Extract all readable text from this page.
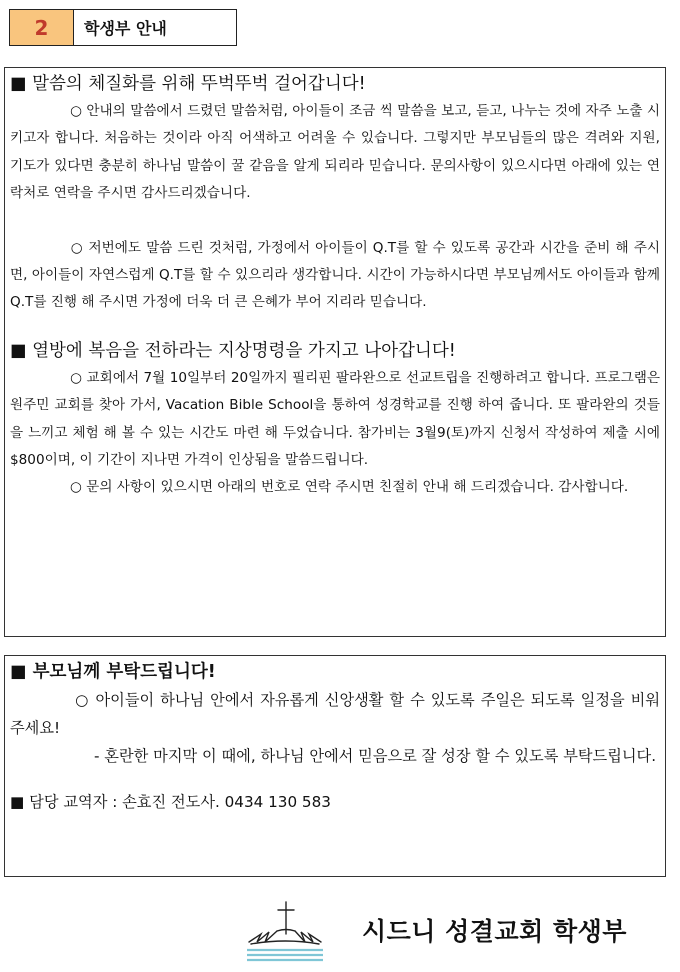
2	학생부 안내

■ 말씀의 체질화를 위해 뚜벅뚜벅 걸어갑니다!

○ 안내의 말씀에서 드렸던 말씀처럼, 아이들이 조금 씩 말씀을 보고, 듣고, 나누는 것에 자주 노출 시키고자 합니다. 처음하는 것이라 아직 어색하고 어려울 수 있습니다. 그렇지만 부모님들의 많은 격려와 지원, 기도가 있다면 충분히 하나님 말씀이 꿀 같음을 알게 되리라 믿습니다. 문의사항이 있으시다면 아래에 있는 연락처로 연락을 주시면 감사드리겠습니다.

○ 저번에도 말씀 드린 것처럼, 가정에서 아이들이 Q.T를 할 수 있도록 공간과 시간을 준비 해 주시면, 아이들이 자연스럽게 Q.T를 할 수 있으리라 생각합니다. 시간이 가능하시다면 부모님께서도 아이들과 함께 Q.T를 진행 해 주시면 가정에 더욱 더 큰 은혜가 부어 지리라 믿습니다.

■ 열방에 복음을 전하라는 지상명령을 가지고 나아갑니다!

○ 교회에서 7월 10일부터 20일까지 필리핀 팔라완으로 선교트립을 진행하려고 합니다. 프로그램은 원주민 교회를 찾아 가서, Vacation Bible School을 통하여 성경학교를 진행 하여 줍니다. 또 팔라완의 것들을 느끼고 체험 해 볼 수 있는 시간도 마련 해 두었습니다. 참가비는 3월9(토)까지 신청서 작성하여 제출 시에 $800이며, 이 기간이 지나면 가격이 인상됨을 말씀드립니다.

○ 문의 사항이 있으시면 아래의 번호로 연락 주시면 친절히 안내 해 드리겠습니다. 감사합니다.

■ 부모님께 부탁드립니다!

○ 아이들이 하나님 안에서 자유롭게 신앙생활 할 수 있도록 주일은 되도록 일정을 비워 주세요!

- 혼란한 마지막 이 때에, 하나님 안에서 믿음으로 잘 성장 할 수 있도록 부탁드립니다.

■ 담당 교역자 : 손효진 전도사. 0434 130 583

시드니 성결교회 학생부
